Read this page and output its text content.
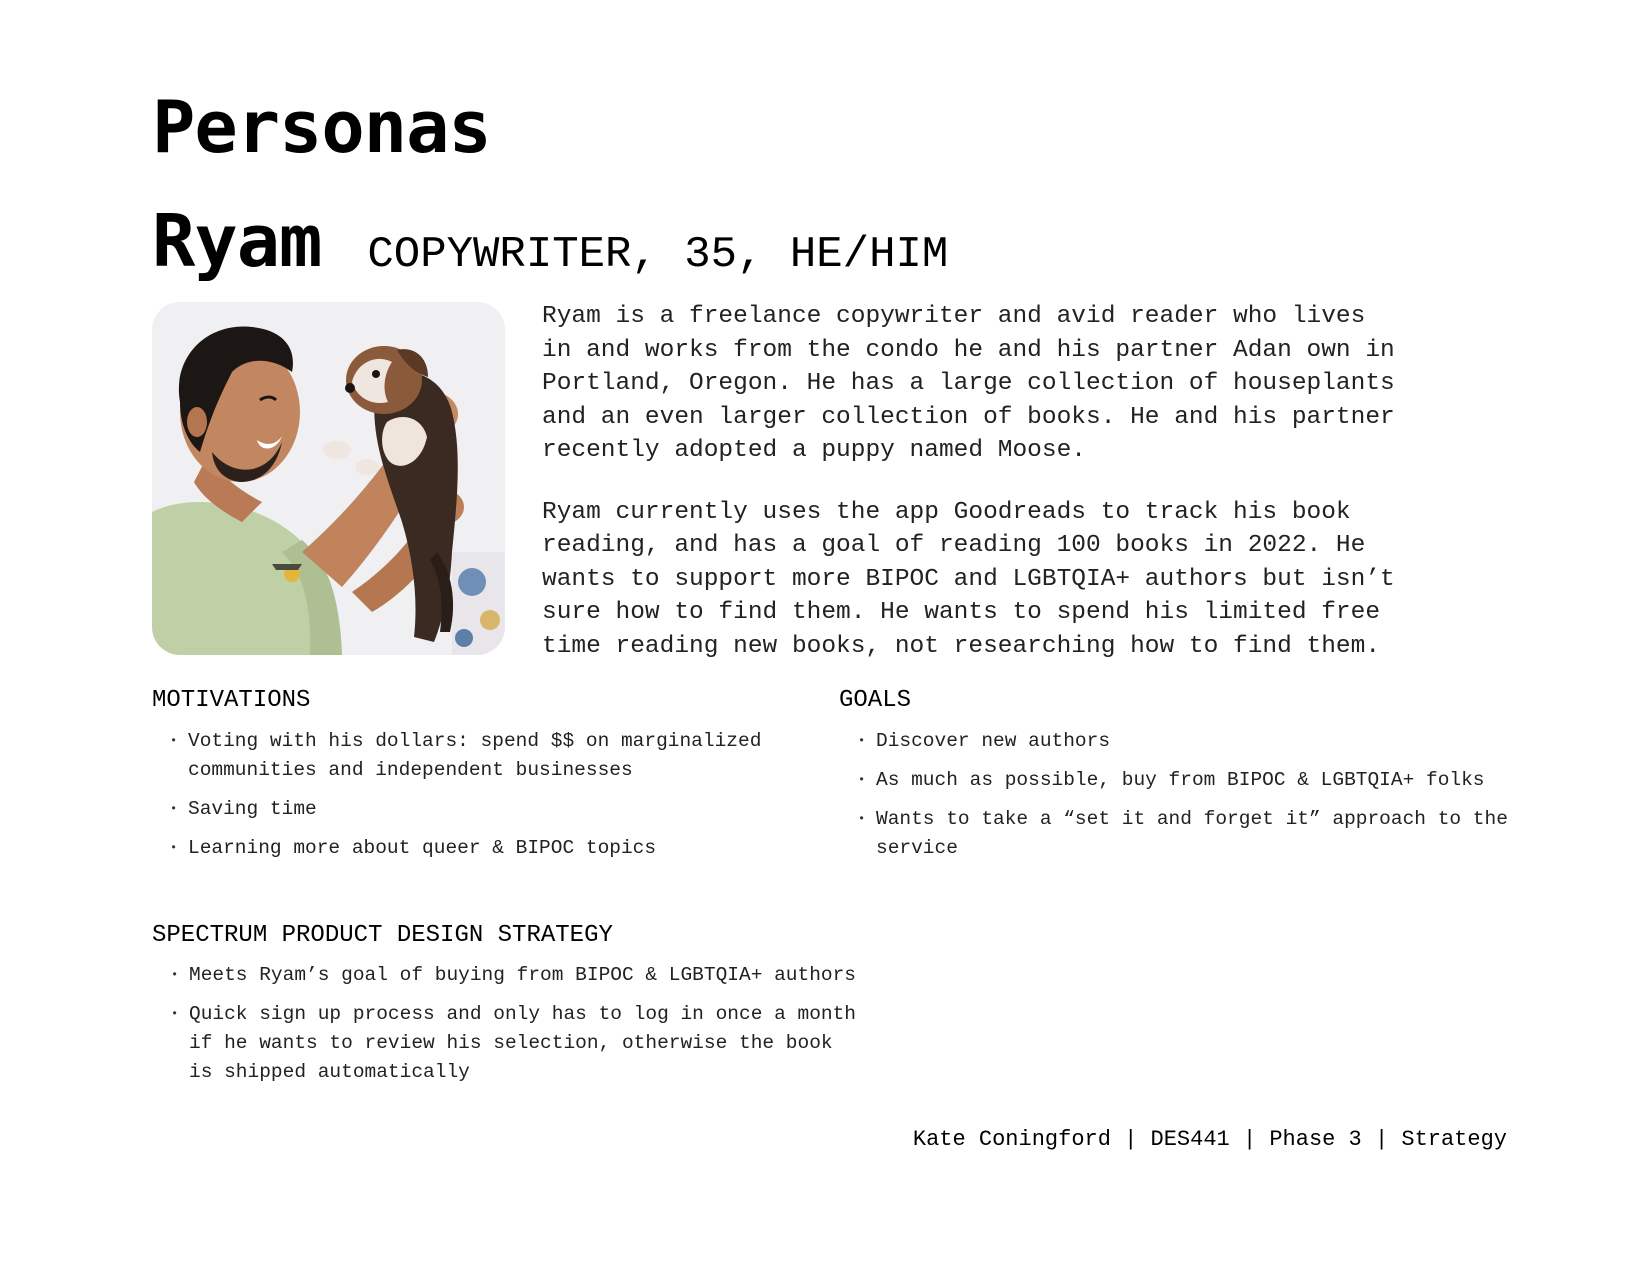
Personas
Ryam COPYWRITER, 35, HE/HIM

Ryam is a freelance copywriter and avid reader who lives in and works from the condo he and his partner Adan own in Portland, Oregon. He has a large collection of houseplants and an even larger collection of books. He and his partner recently adopted a puppy named Moose.

Ryam currently uses the app Goodreads to track his book reading, and has a goal of reading 100 books in 2022. He wants to support more BIPOC and LGBTQIA+ authors but isn’t sure how to find them. He wants to spend his limited free time reading new books, not researching how to find them.

MOTIVATIONS
• Voting with his dollars: spend $$ on marginalized communities and independent businesses
• Saving time
• Learning more about queer & BIPOC topics
GOALS
• Discover new authors
• As much as possible, buy from BIPOC & LGBTQIA+ folks
• Wants to take a “set it and forget it” approach to the service
SPECTRUM PRODUCT DESIGN STRATEGY
• Meets Ryam’s goal of buying from BIPOC & LGBTQIA+ authors
• Quick sign up process and only has to log in once a month if he wants to review his selection, otherwise the book is shipped automatically
Kate Coningford | DES441 | Phase 3 | Strategy
